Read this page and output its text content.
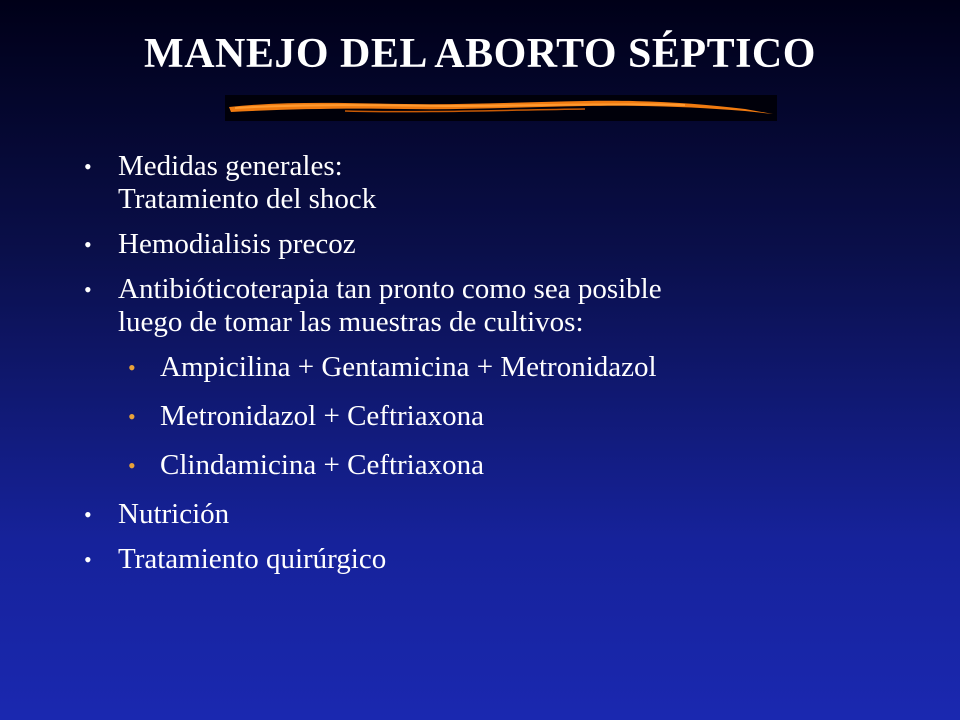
MANEJO DEL ABORTO SÉPTICO
• Medidas generales:
Tratamiento del shock
• Hemodialisis precoz
• Antibióticoterapia tan pronto como sea posible
luego de tomar las muestras de cultivos:
• Ampicilina + Gentamicina + Metronidazol
• Metronidazol + Ceftriaxona
• Clindamicina + Ceftriaxona
• Nutrición
• Tratamiento quirúrgico
